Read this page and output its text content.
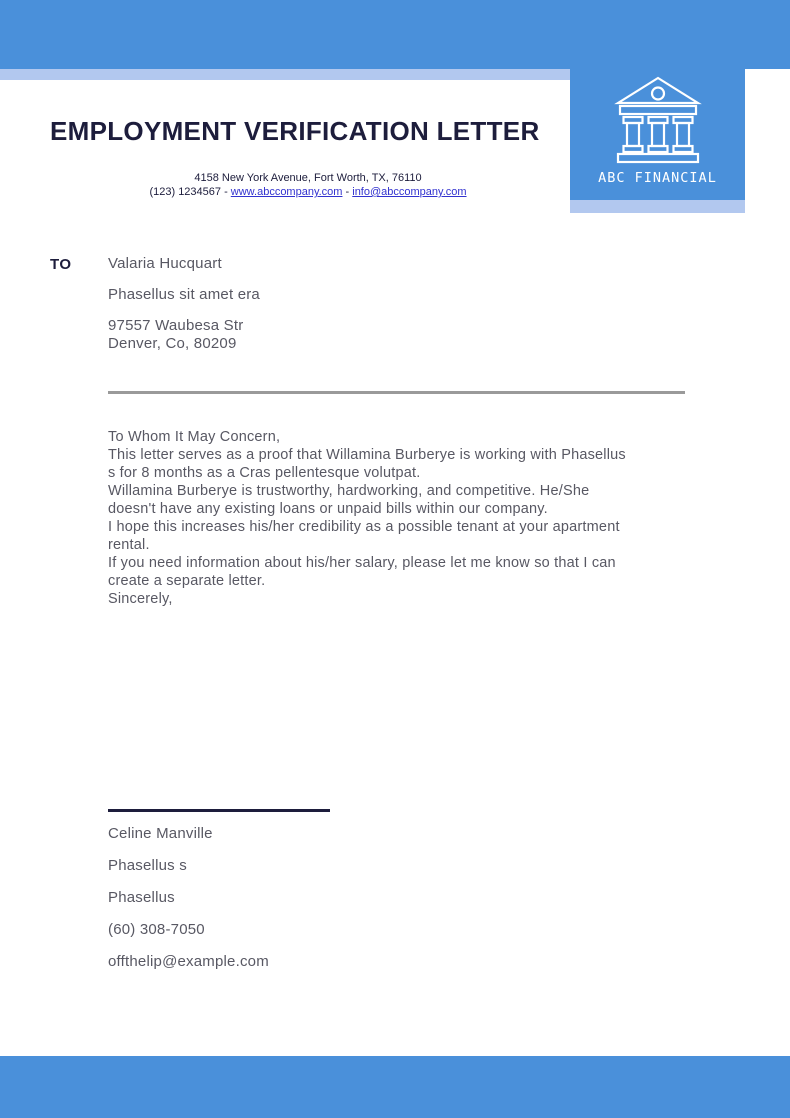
ABC FINANCIAL
EMPLOYMENT VERIFICATION LETTER
4158 New York Avenue, Fort Worth, TX, 76110
(123) 1234567 - www.abccompany.com - info@abccompany.com
TO Valaria Hucquart
Phasellus sit amet era
97557 Waubesa Str
Denver, Co, 80209
To Whom It May Concern,
This letter serves as a proof that Willamina Burberye is working with Phasellus
s for 8 months as a Cras pellentesque volutpat.
Willamina Burberye is trustworthy, hardworking, and competitive. He/She
doesn't have any existing loans or unpaid bills within our company.
I hope this increases his/her credibility as a possible tenant at your apartment
rental.
If you need information about his/her salary, please let me know so that I can
create a separate letter.
Sincerely,
Celine Manville
Phasellus s
Phasellus
(60) 308-7050
offthelip@example.com
